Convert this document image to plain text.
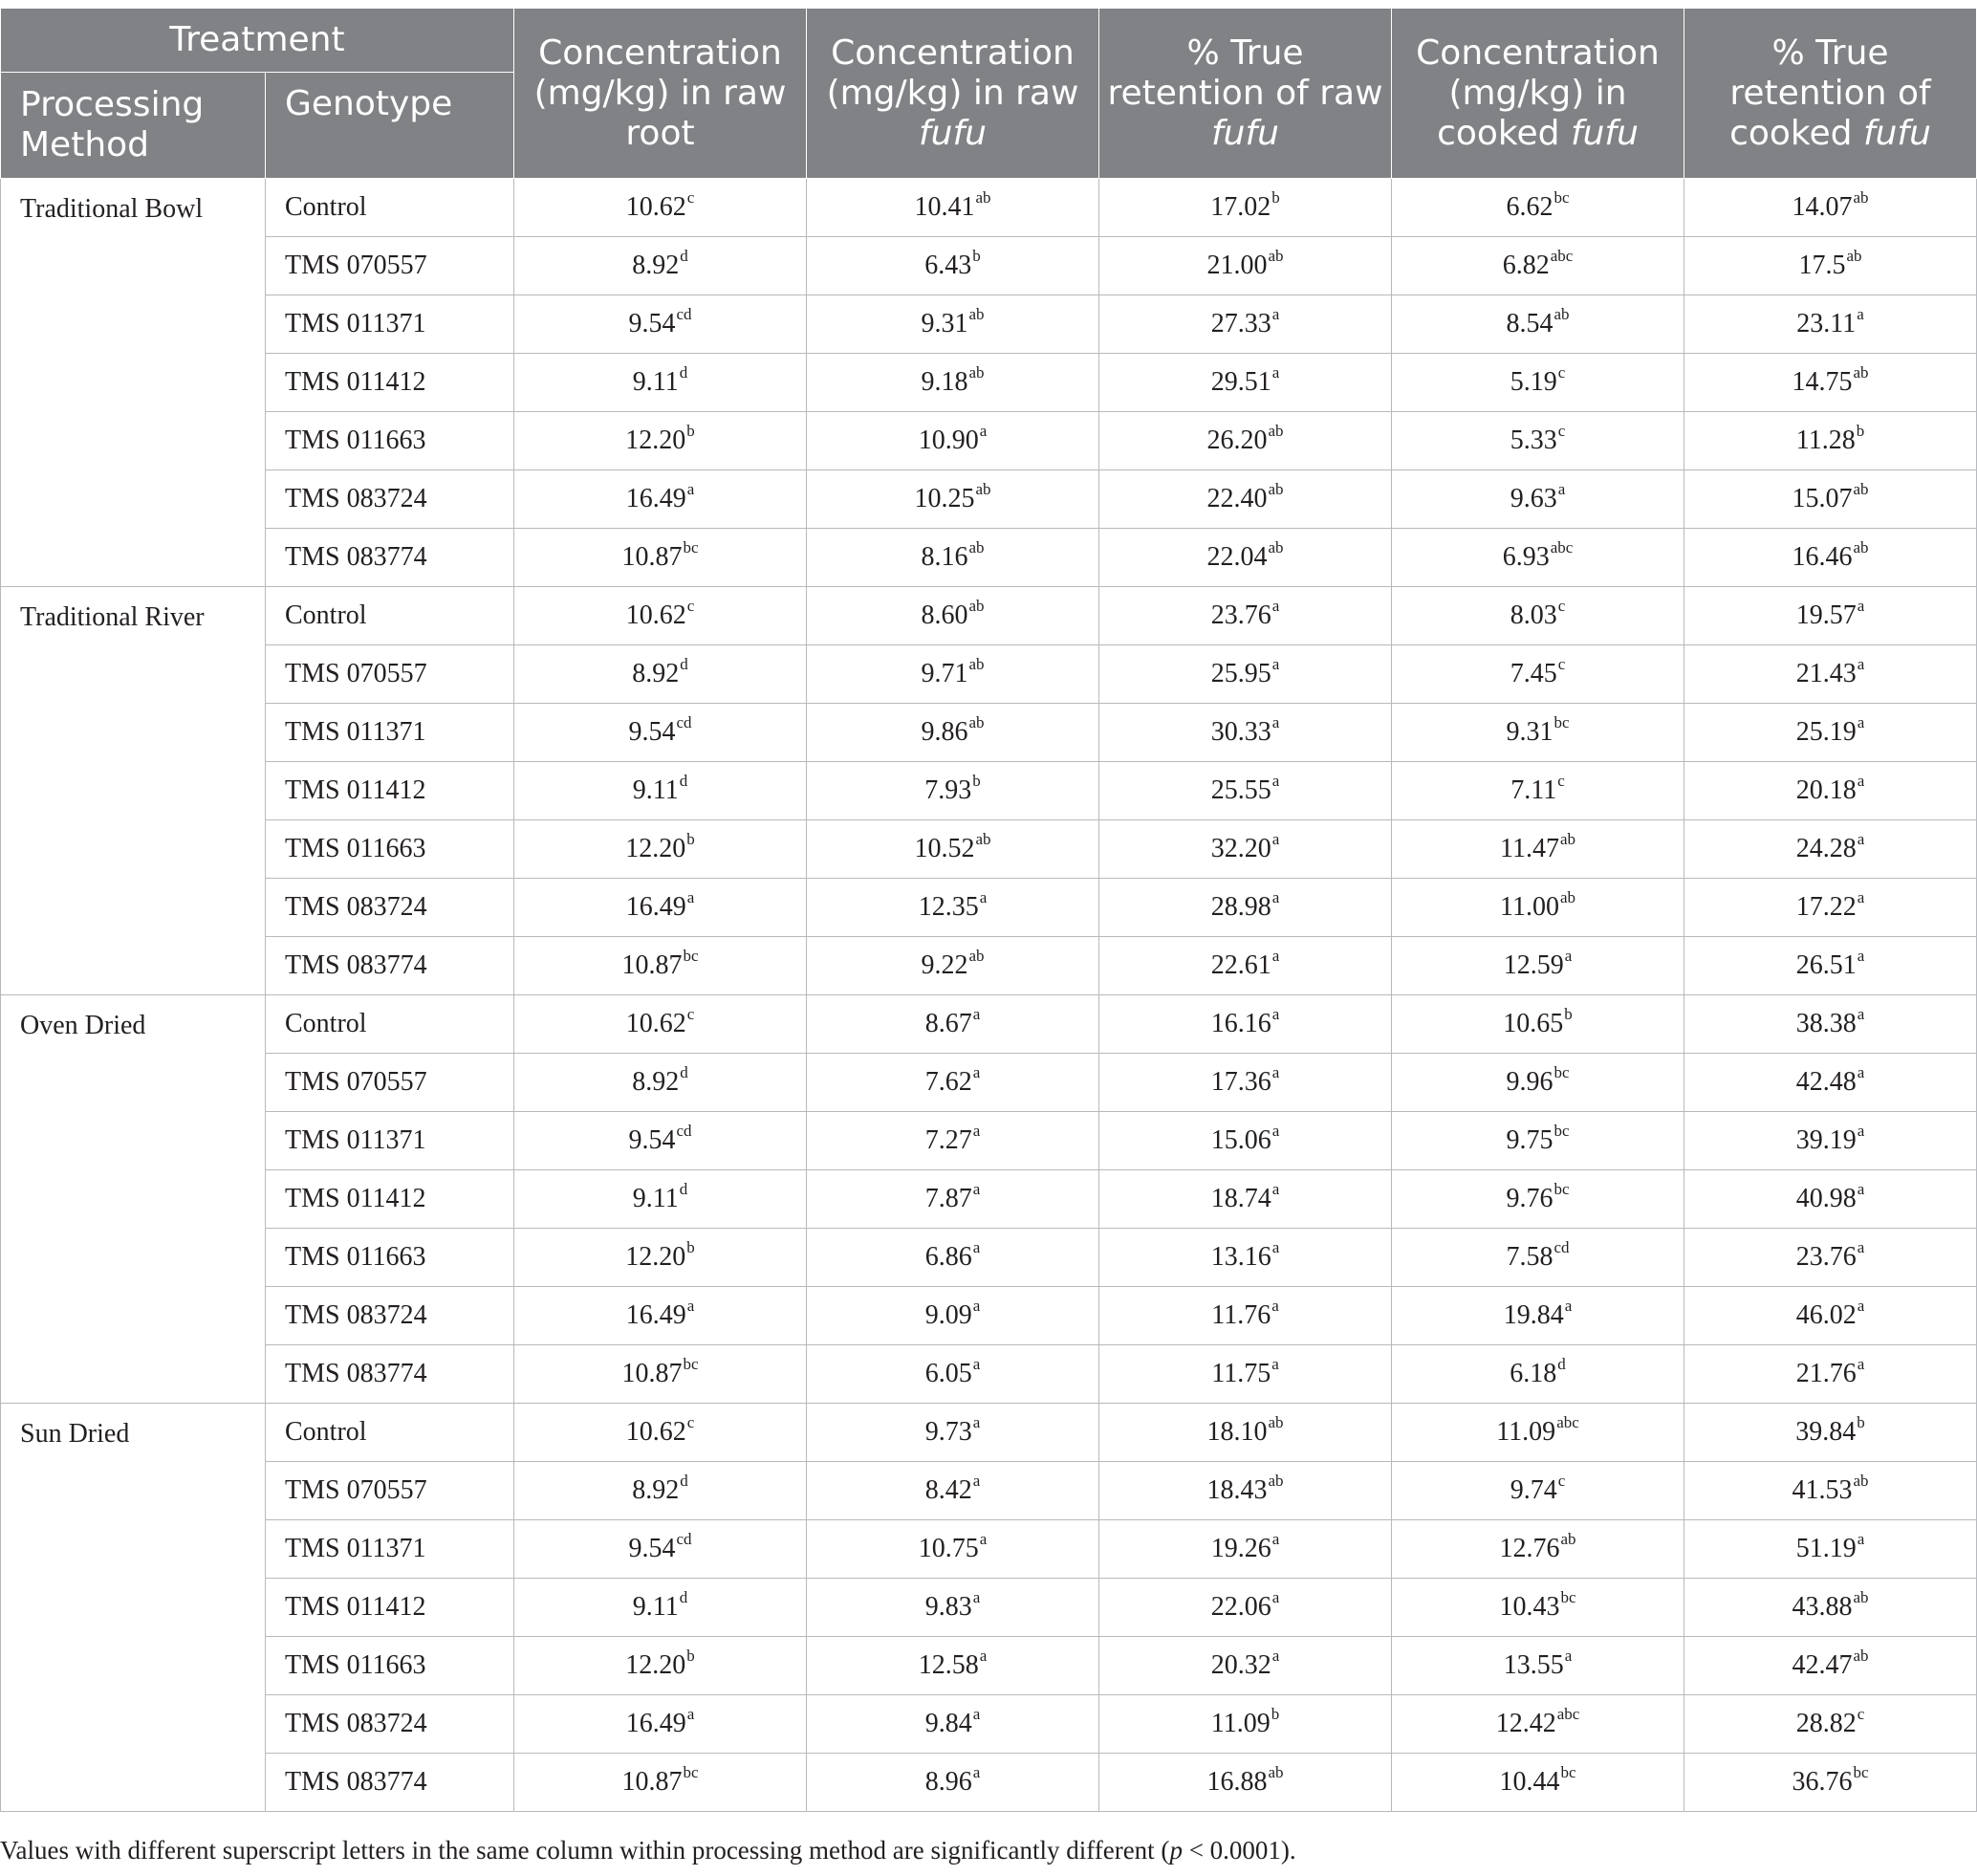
Treatment		Concentration (mg/kg) in raw root	Concentration (mg/kg) in raw fufu	% True retention of raw fufu	Concentration (mg/kg) in cooked fufu	% True retention of cooked fufu
Processing Method	Genotype					
Traditional Bowl	Control	10.62$^c$	10.41$^{ab}$	17.02$^b$	6.62$^{bc}$	14.07$^{ab}$
	TMS 070557	8.92$^d$	6.43$^b$	21.00$^{ab}$	6.82$^{abc}$	17.5$^{ab}$
	TMS 011371	9.54$^{cd}$	9.31$^{ab}$	27.33$^a$	8.54$^{ab}$	23.11$^a$
	TMS 011412	9.11$^d$	9.18$^{ab}$	29.51$^a$	5.19$^c$	14.75$^{ab}$
	TMS 011663	12.20$^b$	10.90$^a$	26.20$^{ab}$	5.33$^c$	11.28$^b$
	TMS 083724	16.49$^a$	10.25$^{ab}$	22.40$^{ab}$	9.63$^a$	15.07$^{ab}$
	TMS 083774	10.87$^{bc}$	8.16$^{ab}$	22.04$^{ab}$	6.93$^{abc}$	16.46$^{ab}$
Traditional River	Control	10.62$^c$	8.60$^{ab}$	23.76$^a$	8.03$^c$	19.57$^a$
	TMS 070557	8.92$^d$	9.71$^{ab}$	25.95$^a$	7.45$^c$	21.43$^a$
	TMS 011371	9.54$^{cd}$	9.86$^{ab}$	30.33$^a$	9.31$^{bc}$	25.19$^a$
	TMS 011412	9.11$^d$	7.93$^b$	25.55$^a$	7.11$^c$	20.18$^a$
	TMS 011663	12.20$^b$	10.52$^{ab}$	32.20$^a$	11.47$^{ab}$	24.28$^a$
	TMS 083724	16.49$^a$	12.35$^a$	28.98$^a$	11.00$^{ab}$	17.22$^a$
	TMS 083774	10.87$^{bc}$	9.22$^{ab}$	22.61$^a$	12.59$^a$	26.51$^a$
Oven Dried	Control	10.62$^c$	8.67$^a$	16.16$^a$	10.65$^b$	38.38$^a$
	TMS 070557	8.92$^d$	7.62$^a$	17.36$^a$	9.96$^{bc}$	42.48$^a$
	TMS 011371	9.54$^{cd}$	7.27$^a$	15.06$^a$	9.75$^{bc}$	39.19$^a$
	TMS 011412	9.11$^d$	7.87$^a$	18.74$^a$	9.76$^{bc}$	40.98$^a$
	TMS 011663	12.20$^b$	6.86$^a$	13.16$^a$	7.58$^{cd}$	23.76$^a$
	TMS 083724	16.49$^a$	9.09$^a$	11.76$^a$	19.84$^a$	46.02$^a$
	TMS 083774	10.87$^{bc}$	6.05$^a$	11.75$^a$	6.18$^d$	21.76$^a$
Sun Dried	Control	10.62$^c$	9.73$^a$	18.10$^{ab}$	11.09$^{abc}$	39.84$^b$
	TMS 070557	8.92$^d$	8.42$^a$	18.43$^{ab}$	9.74$^c$	41.53$^{ab}$
	TMS 011371	9.54$^{cd}$	10.75$^a$	19.26$^a$	12.76$^{ab}$	51.19$^a$
	TMS 011412	9.11$^d$	9.83$^a$	22.06$^a$	10.43$^{bc}$	43.88$^{ab}$
	TMS 011663	12.20$^b$	12.58$^a$	20.32$^a$	13.55$^a$	42.47$^{ab}$
	TMS 083724	16.49$^a$	9.84$^a$	11.09$^b$	12.42$^{abc}$	28.82$^c$
	TMS 083774	10.87$^{bc}$	8.96$^a$	16.88$^{ab}$	10.44$^{bc}$	36.76$^{bc}$
Values with different superscript letters in the same column within processing method are significantly different (p < 0.0001).
